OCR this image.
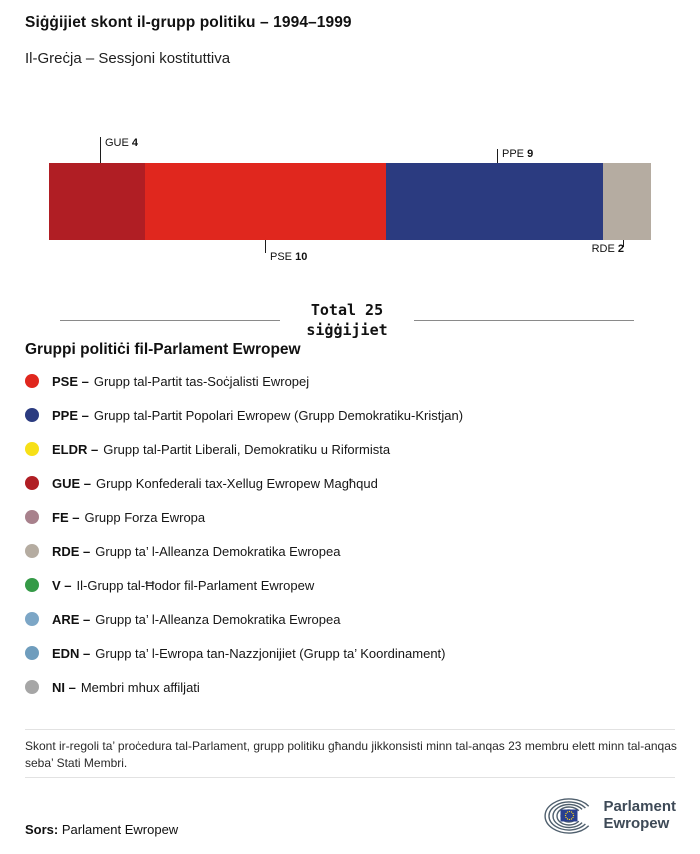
Siġġijiet skont il-grupp politiku – 1994–1999
Il-Greċja – Sessjoni kostituttiva
GUE 4
PSE 10
PPE 9
RDE 2
Total 25
siġġijiet
Gruppi politiċi fil-Parlament Ewropew
PSE – Grupp tal-Partit tas-Soċjalisti Ewropej
PPE – Grupp tal-Partit Popolari Ewropew (Grupp Demokratiku-Kristjan)
ELDR – Grupp tal-Partit Liberali, Demokratiku u Riformista
GUE – Grupp Konfederali tax-Xellug Ewropew Magħqud
FE – Grupp Forza Ewropa
RDE – Grupp ta’ l-Alleanza Demokratika Ewropea
V – Il-Grupp tal-Ħodor fil-Parlament Ewropew
ARE – Grupp ta’ l-Alleanza Demokratika Ewropea
EDN – Grupp ta’ l-Ewropa tan-Nazzjonijiet (Grupp ta’ Koordinament)
NI – Membri mhux affiljati

Skont ir-regoli ta’ proċedura tal-Parlament, grupp politiku għandu jikkonsisti minn tal-anqas 23 membru elett minn tal-anqas seba’ Stati Membri.

Sors: Parlament Ewropew
Parlament
Ewropew
